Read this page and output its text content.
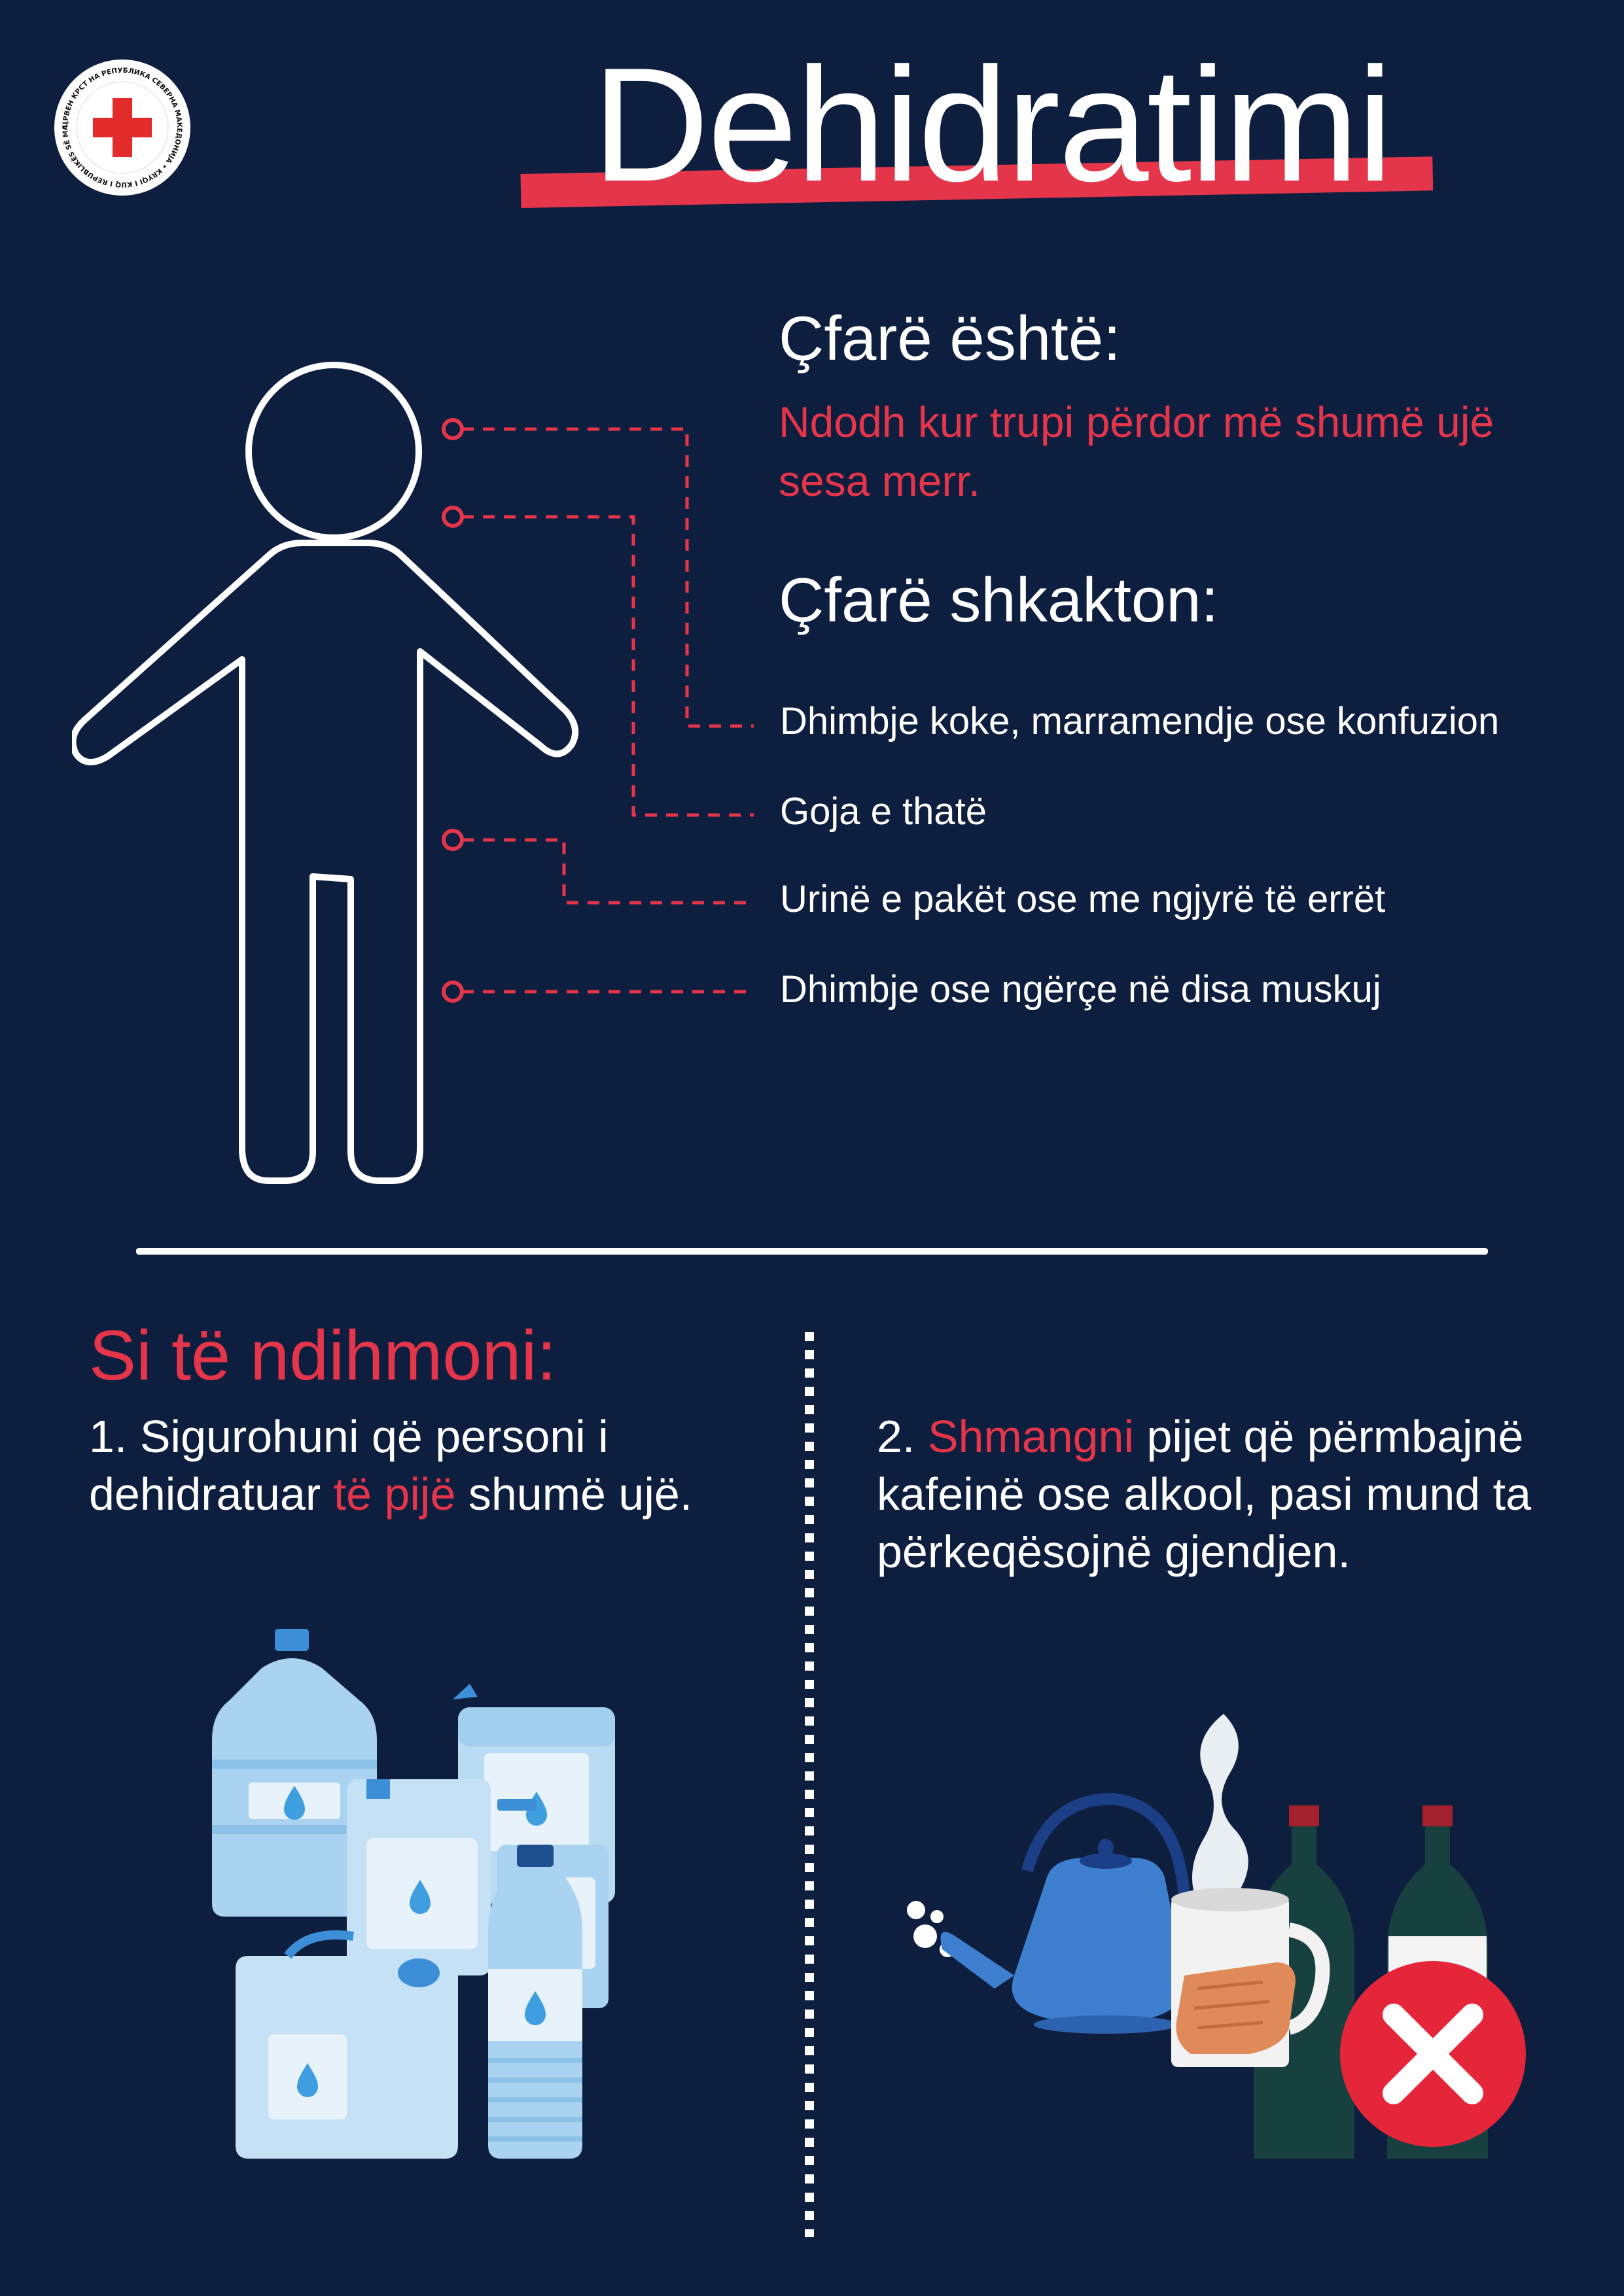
ЦРВЕН КРСТ НА РЕПУБЛИКА СЕВЕРНА МАКЕДОНИЈА • KRYQI I KUQ I REPUBLIKËS SË MA	Dehidratimi
Çfarë është:
Ndodh kur trupi përdor më shumë ujë sesa merr.
Çfarë shkakton:
Dhimbje koke, marramendje ose konfuzion
Goja e thatë
Urinë e pakët ose me ngjyrë të errët
Dhimbje ose ngërçe në disa muskuj
Si të ndihmoni:
1. Sigurohuni që personi i dehidratuar të pijë shumë ujë.
2. Shmangni pijet që përmbajnë kafeinë ose alkool, pasi mund ta përkeqësojnë gjendjen.
